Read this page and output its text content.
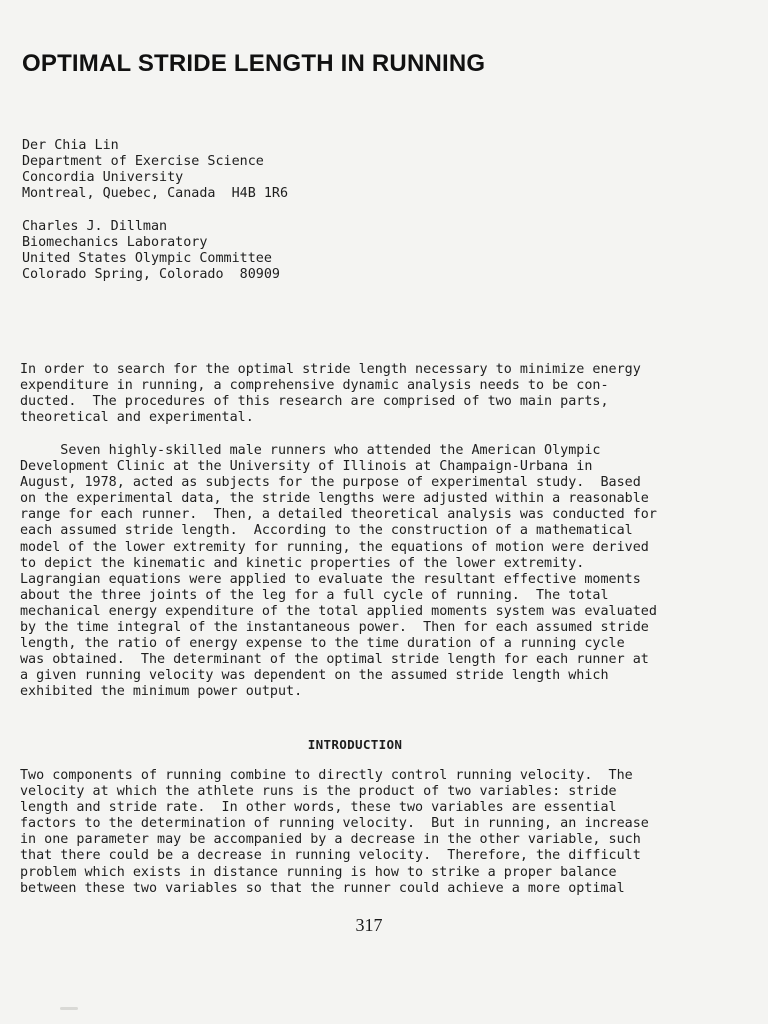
OPTIMAL STRIDE LENGTH IN RUNNING
Der Chia Lin
Department of Exercise Science
Concordia University
Montreal, Quebec, Canada  H4B 1R6
Charles J. Dillman
Biomechanics Laboratory
United States Olympic Committee
Colorado Spring, Colorado  80909
In order to search for the optimal stride length necessary to minimize energy
expenditure in running, a comprehensive dynamic analysis needs to be con-
ducted.  The procedures of this research are comprised of two main parts,
theoretical and experimental.
Seven highly-skilled male runners who attended the American Olympic
Development Clinic at the University of Illinois at Champaign-Urbana in
August, 1978, acted as subjects for the purpose of experimental study.  Based
on the experimental data, the stride lengths were adjusted within a reasonable
range for each runner.  Then, a detailed theoretical analysis was conducted for
each assumed stride length.  According to the construction of a mathematical
model of the lower extremity for running, the equations of motion were derived
to depict the kinematic and kinetic properties of the lower extremity.
Lagrangian equations were applied to evaluate the resultant effective moments
about the three joints of the leg for a full cycle of running.  The total
mechanical energy expenditure of the total applied moments system was evaluated
by the time integral of the instantaneous power.  Then for each assumed stride
length, the ratio of energy expense to the time duration of a running cycle
was obtained.  The determinant of the optimal stride length for each runner at
a given running velocity was dependent on the assumed stride length which
exhibited the minimum power output.
INTRODUCTION
Two components of running combine to directly control running velocity.  The
velocity at which the athlete runs is the product of two variables: stride
length and stride rate.  In other words, these two variables are essential
factors to the determination of running velocity.  But in running, an increase
in one parameter may be accompanied by a decrease in the other variable, such
that there could be a decrease in running velocity.  Therefore, the difficult
problem which exists in distance running is how to strike a proper balance
between these two variables so that the runner could achieve a more optimal
317
